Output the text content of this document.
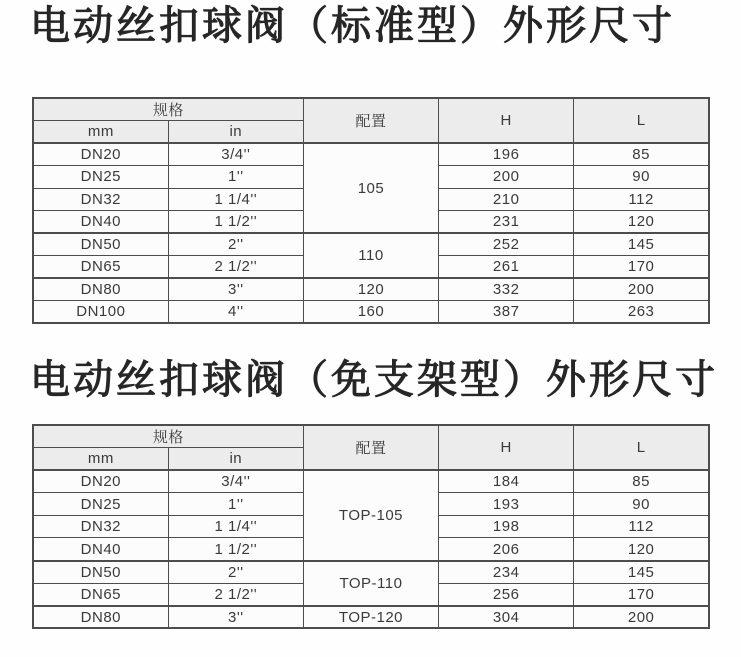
电动丝扣球阀（标准型）外形尺寸
规格		配置	H	L
mm	in			
DN20	3/4''	105	196	85
DN25	1''		200	90
DN32	1 1/4''		210	112
DN40	1 1/2''		231	120
DN50	2''	110	252	145
DN65	2 1/2''		261	170
DN80	3''	120	332	200
DN100	4''	160	387	263
电动丝扣球阀（免支架型）外形尺寸
规格		配置	H	L
mm	in			
DN20	3/4''	TOP-105	184	85
DN25	1''		193	90
DN32	1 1/4''		198	112
DN40	1 1/2''		206	120
DN50	2''	TOP-110	234	145
DN65	2 1/2''		256	170
DN80	3''	TOP-120	304	200
